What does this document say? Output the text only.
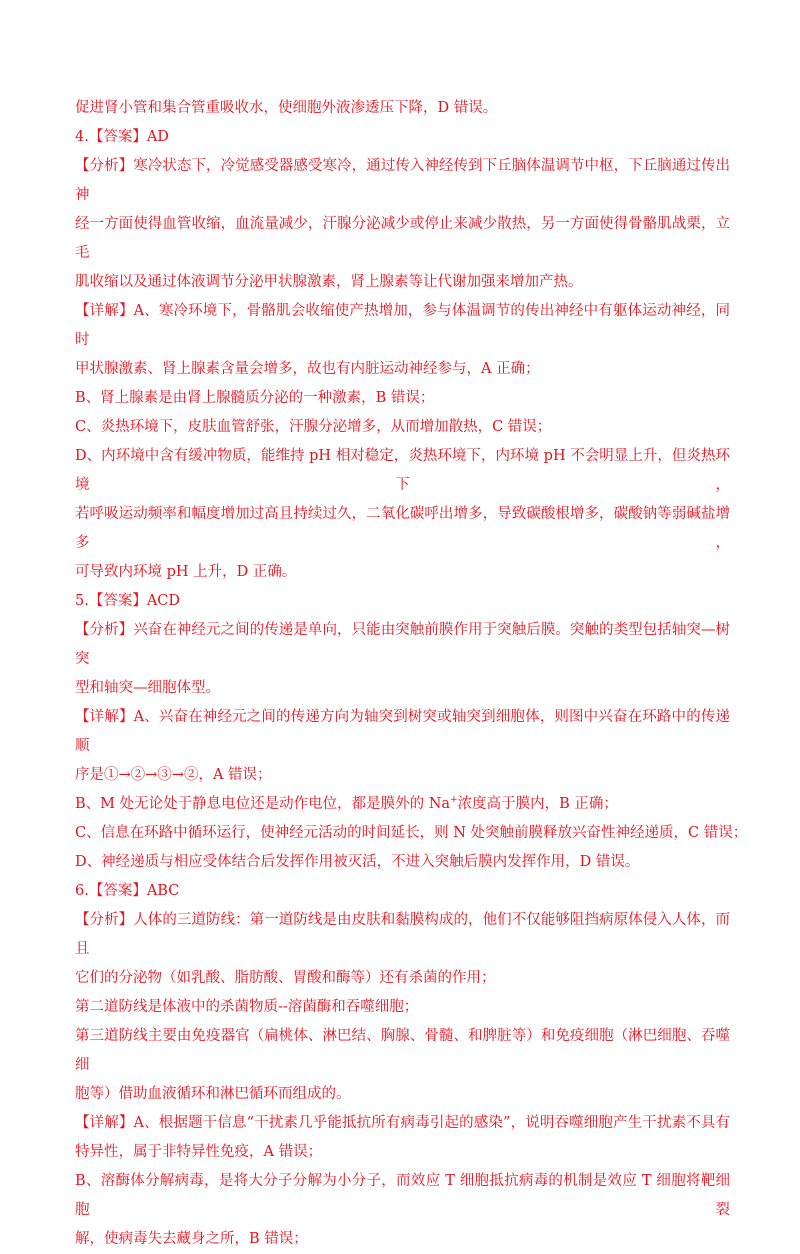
促进肾小管和集合管重吸收水，使细胞外液渗透压下降，D 错误。
4.【答案】AD
【分析】寒冷状态下，冷觉感受器感受寒冷，通过传入神经传到下丘脑体温调节中枢，下丘脑通过传出神
经一方面使得血管收缩，血流量减少，汗腺分泌减少或停止来减少散热，另一方面使得骨骼肌战栗，立毛
肌收缩以及通过体液调节分泌甲状腺激素，肾上腺素等让代谢加强来增加产热。
【详解】A、寒冷环境下，骨骼肌会收缩使产热增加，参与体温调节的传出神经中有躯体运动神经，同时
甲状腺激素、肾上腺素含量会增多，故也有内脏运动神经参与，A 正确；
B、肾上腺素是由肾上腺髓质分泌的一种激素，B 错误；
C、炎热环境下，皮肤血管舒张，汗腺分泌增多，从而增加散热，C 错误；
D、内环境中含有缓冲物质，能维持 pH 相对稳定，炎热环境下，内环境 pH 不会明显上升，但炎热环境下，
若呼吸运动频率和幅度增加过高且持续过久，二氧化碳呼出增多，导致碳酸根增多，碳酸钠等弱碱盐增多，
可导致内环境 pH 上升，D 正确。
5.【答案】ACD
【分析】兴奋在神经元之间的传递是单向，只能由突触前膜作用于突触后膜。突触的类型包括轴突—树突
型和轴突—细胞体型。
【详解】A、兴奋在神经元之间的传递方向为轴突到树突或轴突到细胞体，则图中兴奋在环路中的传递顺
序是①→②→③→②，A 错误；
B、M 处无论处于静息电位还是动作电位，都是膜外的 Na+浓度高于膜内，B 正确；
C、信息在环路中循环运行，使神经元活动的时间延长，则 N 处突触前膜释放兴奋性神经递质，C 错误；
D、神经递质与相应受体结合后发挥作用被灭活，不进入突触后膜内发挥作用，D 错误。
6.【答案】ABC
【分析】人体的三道防线：第一道防线是由皮肤和黏膜构成的，他们不仅能够阻挡病原体侵入人体，而且
它们的分泌物（如乳酸、脂肪酸、胃酸和酶等）还有杀菌的作用；
第二道防线是体液中的杀菌物质--溶菌酶和吞噬细胞；
第三道防线主要由免疫器官（扁桃体、淋巴结、胸腺、骨髓、和脾脏等）和免疫细胞（淋巴细胞、吞噬细
胞等）借助血液循环和淋巴循环而组成的。
【详解】A、根据题干信息“干扰素几乎能抵抗所有病毒引起的感染”，说明吞噬细胞产生干扰素不具有
特异性，属于非特异性免疫，A 错误；
B、溶酶体分解病毒，是将大分子分解为小分子，而效应 T 细胞抵抗病毒的机制是效应 T 细胞将靶细胞裂
解，使病毒失去藏身之所，B 错误；
